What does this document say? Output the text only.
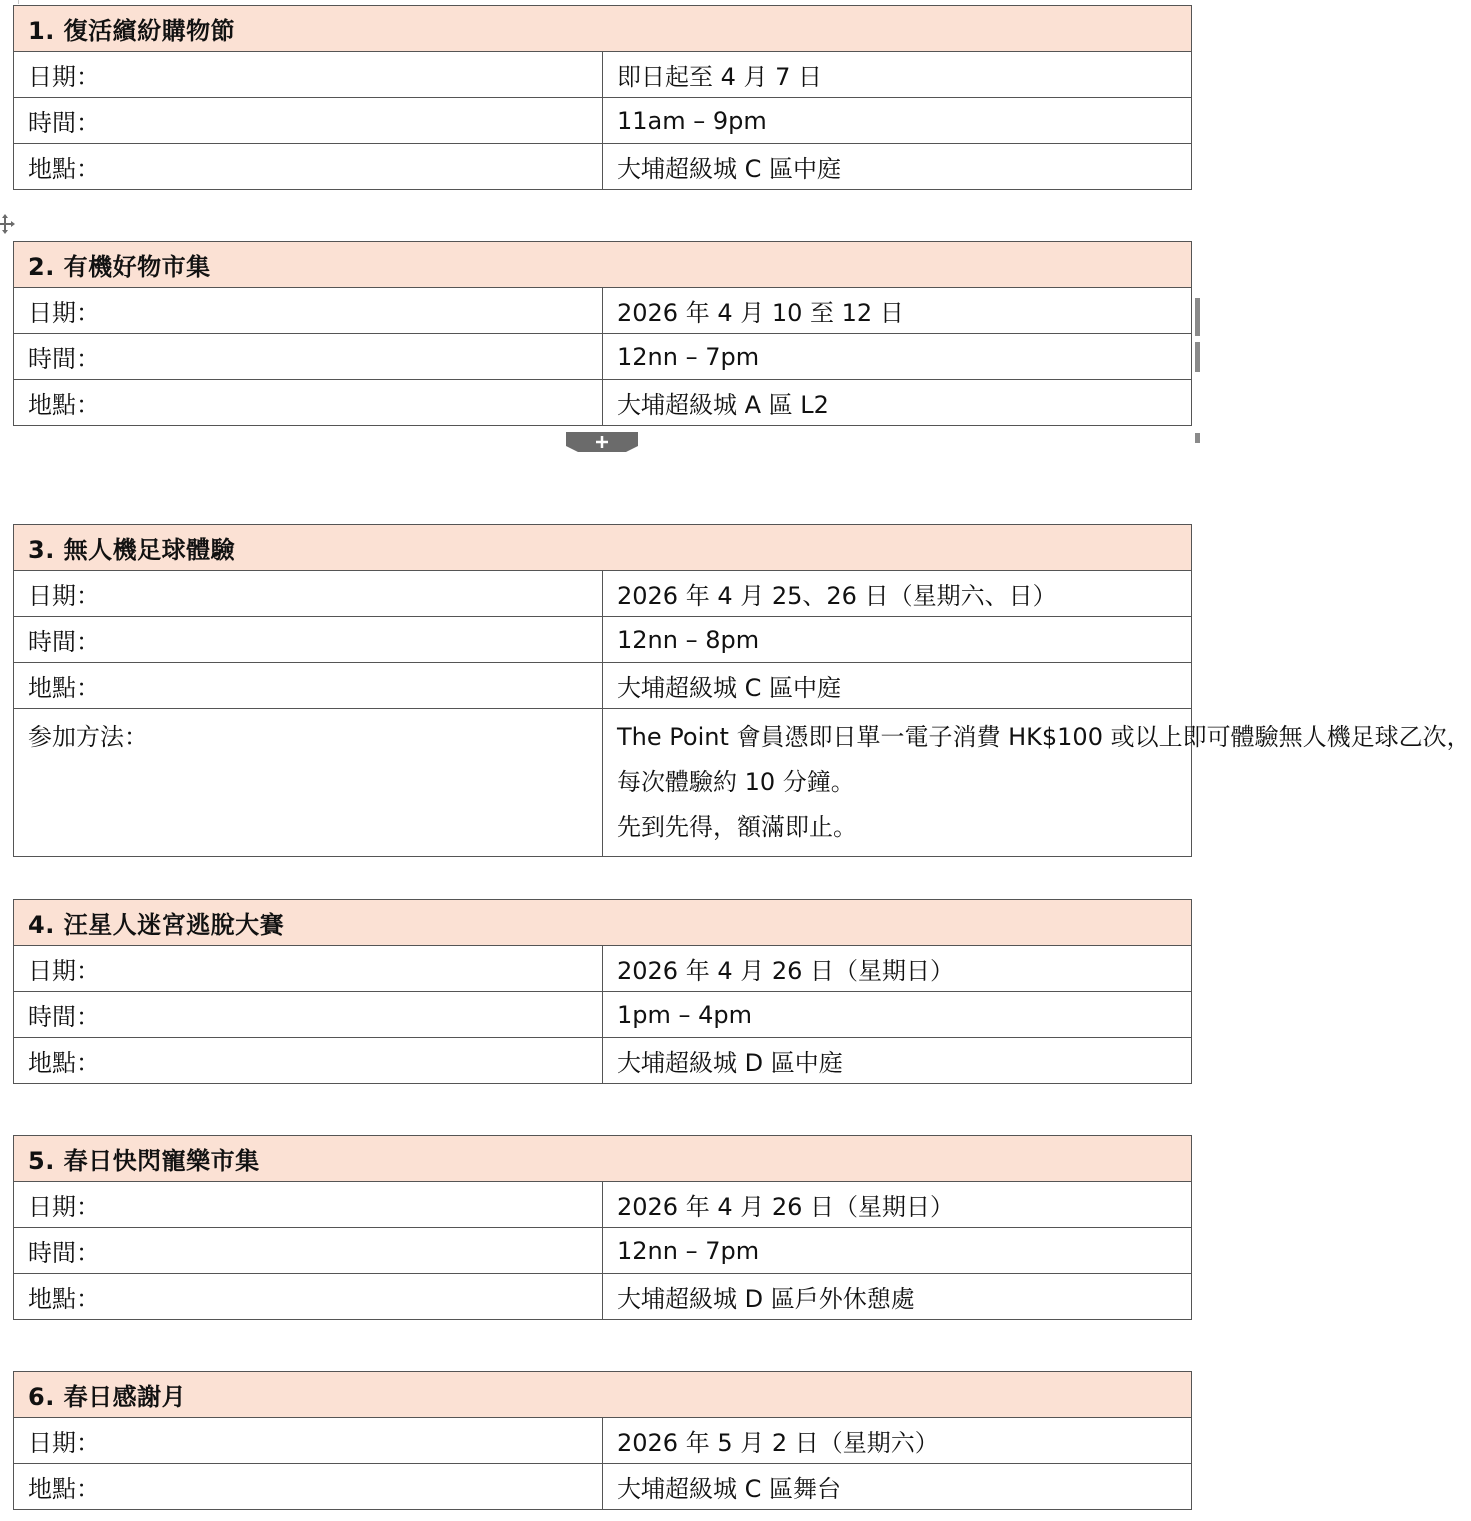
1. 復活繽紛購物節	
日期：	即日起至 4 月 7 日
時間：	11am – 9pm
地點：	大埔超級城 C 區中庭
2. 有機好物市集	
日期：	2026 年 4 月 10 至 12 日
時間：	12nn – 7pm
地點：	大埔超級城 A 區 L2
3. 無人機足球體驗	
日期：	2026 年 4 月 25、26 日（星期六、日）
時間：	12nn – 8pm
地點：	大埔超級城 C 區中庭
参加方法：	The Point 會員憑即日單一電子消費 HK$100 或以上即可體驗無人機足球乙次，
每次體驗約 10 分鐘。
先到先得，額滿即止。
4. 汪星人迷宮逃脫大賽	
日期：	2026 年 4 月 26 日（星期日）
時間：	1pm – 4pm
地點：	大埔超級城 D 區中庭
5. 春日快閃寵樂市集	
日期：	2026 年 4 月 26 日（星期日）
時間：	12nn – 7pm
地點：	大埔超級城 D 區戶外休憩處
6. 春日感謝月	
日期：	2026 年 5 月 2 日（星期六）
地點：	大埔超級城 C 區舞台
